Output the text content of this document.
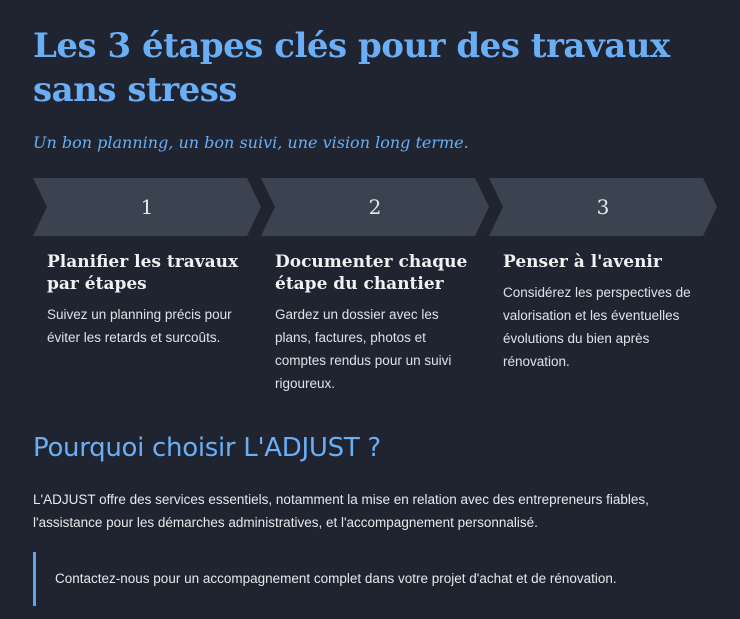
Les 3 étapes clés pour des travaux sans stress

Un bon planning, un bon suivi, une vision long terme.

1	2	3
Planifier les travaux par étapes

Suivez un planning précis pour éviter les retards et surcoûts.

Documenter chaque étape du chantier

Gardez un dossier avec les plans, factures, photos et comptes rendus pour un suivi rigoureux.

Penser à l'avenir

Considérez les perspectives de valorisation et les éventuelles évolutions du bien après rénovation.

Pourquoi choisir L'ADJUST ?

L'ADJUST offre des services essentiels, notamment la mise en relation avec des entrepreneurs fiables, l'assistance pour les démarches administratives, et l'accompagnement personnalisé.

Contactez-nous pour un accompagnement complet dans votre projet d'achat et de rénovation.
